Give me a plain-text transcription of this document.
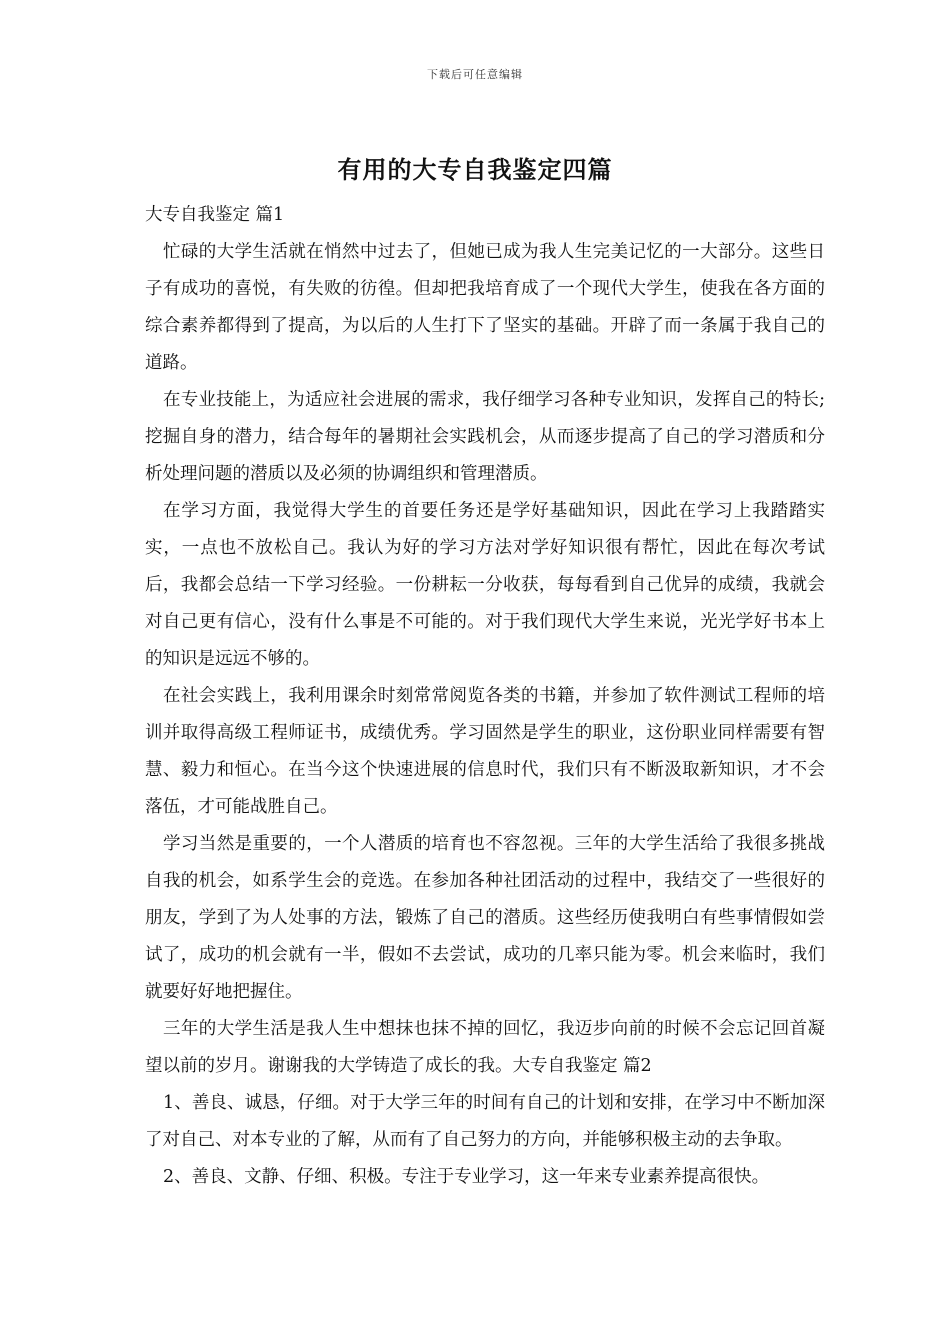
下载后可任意编辑
有用的大专自我鉴定四篇

大专自我鉴定 篇1

忙碌的大学生活就在悄然中过去了，但她已成为我人生完美记忆的一大部分。这些日子有成功的喜悦，有失败的彷徨。但却把我培育成了一个现代大学生，使我在各方面的综合素养都得到了提高，为以后的人生打下了坚实的基础。开辟了而一条属于我自己的道路。

在专业技能上，为适应社会进展的需求，我仔细学习各种专业知识，发挥自己的特长;挖掘自身的潜力，结合每年的暑期社会实践机会，从而逐步提高了自己的学习潜质和分析处理问题的潜质以及必须的协调组织和管理潜质。

在学习方面，我觉得大学生的首要任务还是学好基础知识，因此在学习上我踏踏实实，一点也不放松自己。我认为好的学习方法对学好知识很有帮忙，因此在每次考试后，我都会总结一下学习经验。一份耕耘一分收获，每每看到自己优异的成绩，我就会对自己更有信心，没有什么事是不可能的。对于我们现代大学生来说，光光学好书本上的知识是远远不够的。

在社会实践上，我利用课余时刻常常阅览各类的书籍，并参加了软件测试工程师的培训并取得高级工程师证书，成绩优秀。学习固然是学生的职业，这份职业同样需要有智慧、毅力和恒心。在当今这个快速进展的信息时代，我们只有不断汲取新知识，才不会落伍，才可能战胜自己。

学习当然是重要的，一个人潜质的培育也不容忽视。三年的大学生活给了我很多挑战自我的机会，如系学生会的竞选。在参加各种社团活动的过程中，我结交了一些很好的朋友，学到了为人处事的方法，锻炼了自己的潜质。这些经历使我明白有些事情假如尝试了，成功的机会就有一半，假如不去尝试，成功的几率只能为零。机会来临时，我们就要好好地把握住。

三年的大学生活是我人生中想抹也抹不掉的回忆，我迈步向前的时候不会忘记回首凝望以前的岁月。谢谢我的大学铸造了成长的我。大专自我鉴定 篇2

1、善良、诚恳，仔细。对于大学三年的时间有自己的计划和安排，在学习中不断加深了对自己、对本专业的了解，从而有了自己努力的方向，并能够积极主动的去争取。

2、善良、文静、仔细、积极。专注于专业学习，这一年来专业素养提高很快。
